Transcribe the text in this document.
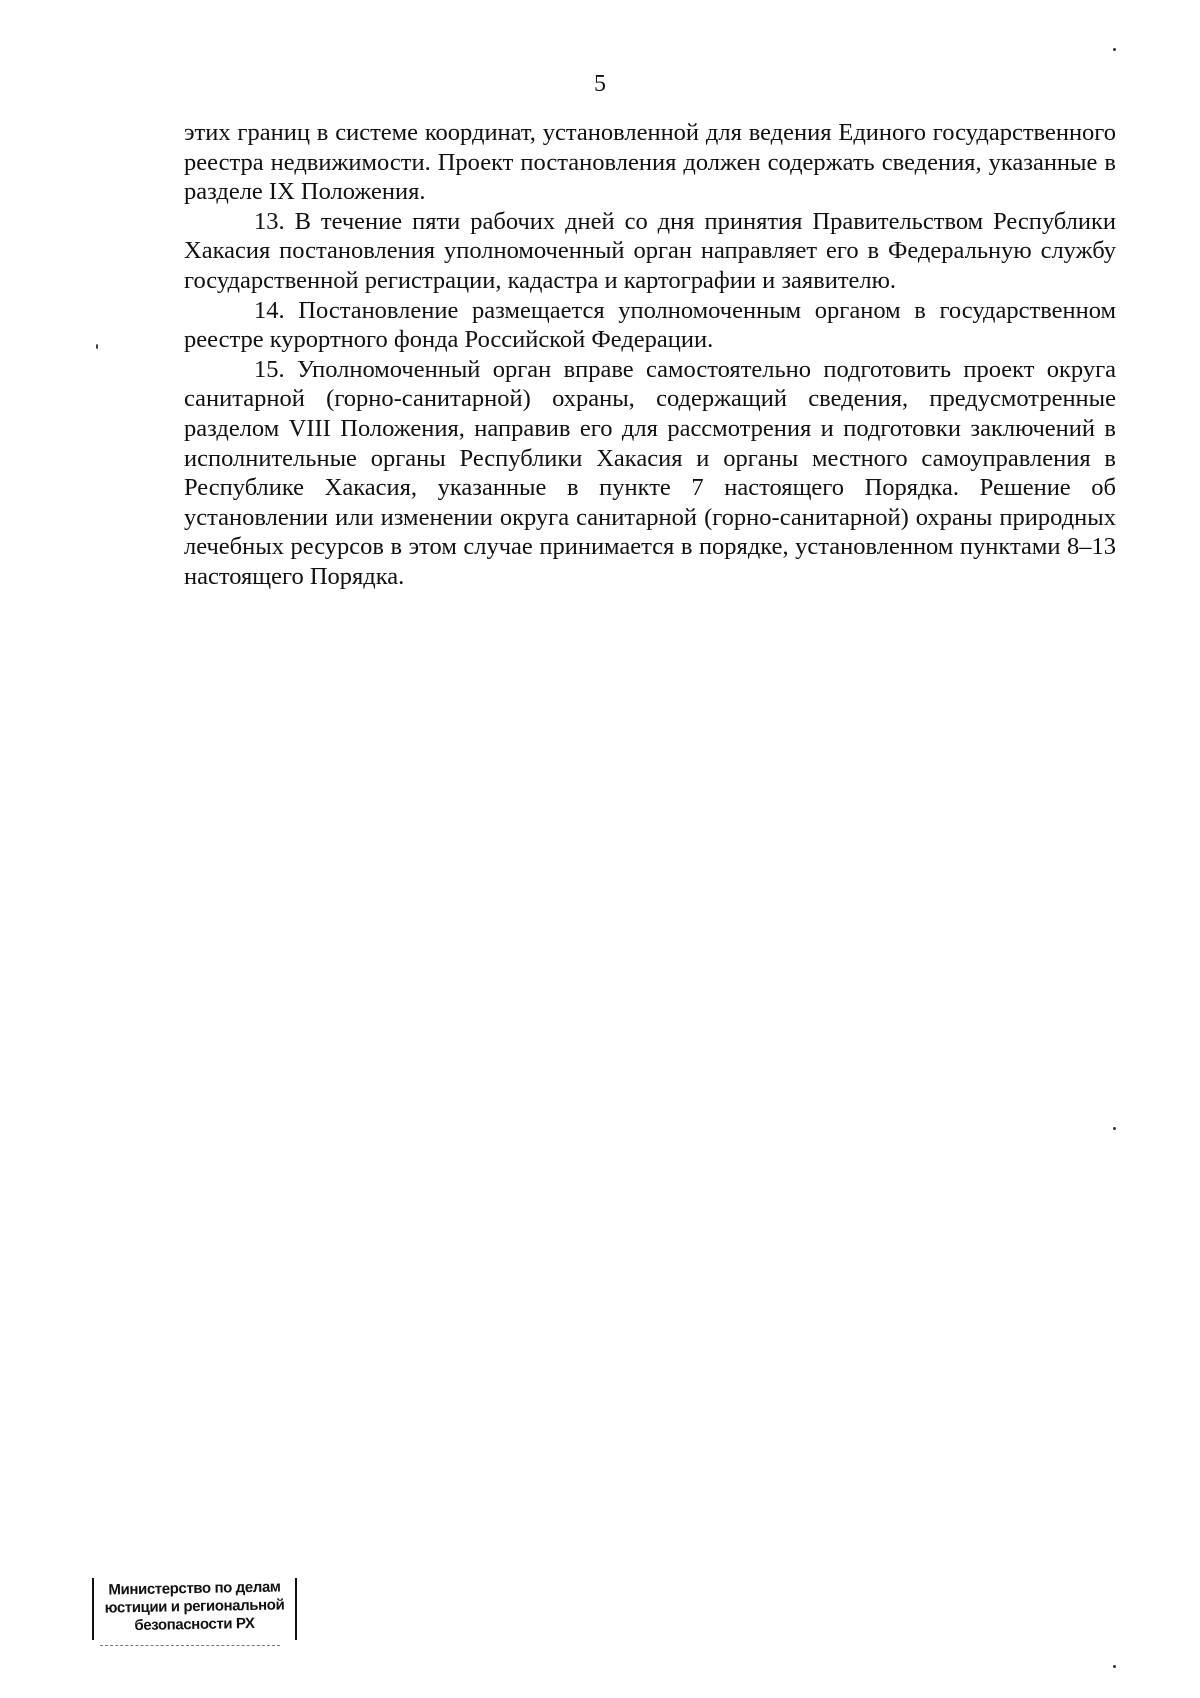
5

этих границ в системе координат, установленной для ведения Единого государственного реестра недвижимости. Проект постановления должен содержать сведения, указанные в разделе IX Положения.

13. В течение пяти рабочих дней со дня принятия Правительством Республики Хакасия постановления уполномоченный орган направляет его в Федеральную службу государственной регистрации, кадастра и картографии и заявителю.

14. Постановление размещается уполномоченным органом в государственном реестре курортного фонда Российской Федерации.

15. Уполномоченный орган вправе самостоятельно подготовить проект округа санитарной (горно-санитарной) охраны, содержащий сведения, предусмотренные разделом VIII Положения, направив его для рассмотрения и подготовки заключений в исполнительные органы Республики Хакасия и органы местного самоуправления в Республике Хакасия, указанные в пункте 7 настоящего Порядка. Решение об установлении или изменении округа санитарной (горно-санитарной) охраны природных лечебных ресурсов в этом случае принимается в порядке, установленном пунктами 8–13 настоящего Порядка.

Министерство по делам
юстиции и региональной
безопасности РХ
